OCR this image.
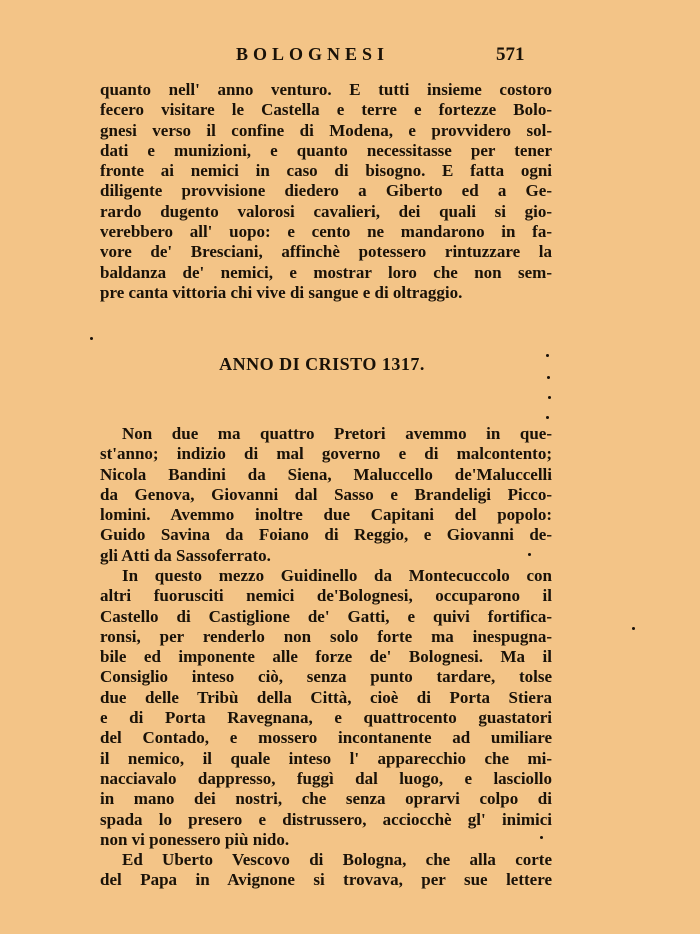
BOLOGNESI	571
quanto nell' anno venturo. E tutti insieme costoro
fecero visitare le Castella e terre e fortezze Bolo-
gnesi verso il confine di Modena, e provvidero sol-
dati e munizioni, e quanto necessitasse per tener
fronte ai nemici in caso di bisogno. E fatta ogni
diligente provvisione diedero a Giberto ed a Ge-
rardo dugento valorosi cavalieri, dei quali si gio-
verebbero all' uopo: e cento ne mandarono in fa-
vore de' Bresciani, affinchè potessero rintuzzare la
baldanza de' nemici, e mostrar loro che non sem-
pre canta vittoria chi vive di sangue e di oltraggio.
ANNO DI CRISTO 1317.
Non due ma quattro Pretori avemmo in que-
st'anno; indizio di mal governo e di malcontento;
Nicola Bandini da Siena, Maluccello de'Maluccelli
da Genova, Giovanni dal Sasso e Brandeligi Picco-
lomini. Avemmo inoltre due Capitani del popolo:
Guido Savina da Foiano di Reggio, e Giovanni de-
gli Atti da Sassoferrato.
In questo mezzo Guidinello da Montecuccolo con
altri fuorusciti nemici de'Bolognesi, occuparono il
Castello di Castiglione de' Gatti, e quivi fortifica-
ronsi, per renderlo non solo forte ma inespugna-
bile ed imponente alle forze de' Bolognesi. Ma il
Consiglio inteso ciò, senza punto tardare, tolse
due delle Tribù della Città, cioè di Porta Stiera
e di Porta Ravegnana, e quattrocento guastatori
del Contado, e mossero incontanente ad umiliare
il nemico, il quale inteso l' apparecchio che mi-
nacciavalo dappresso, fuggì dal luogo, e lasciollo
in mano dei nostri, che senza oprarvi colpo di
spada lo presero e distrussero, acciocchè gl' inimici
non vi ponessero più nido.
Ed Uberto Vescovo di Bologna, che alla corte
del Papa in Avignone si trovava, per sue lettere
